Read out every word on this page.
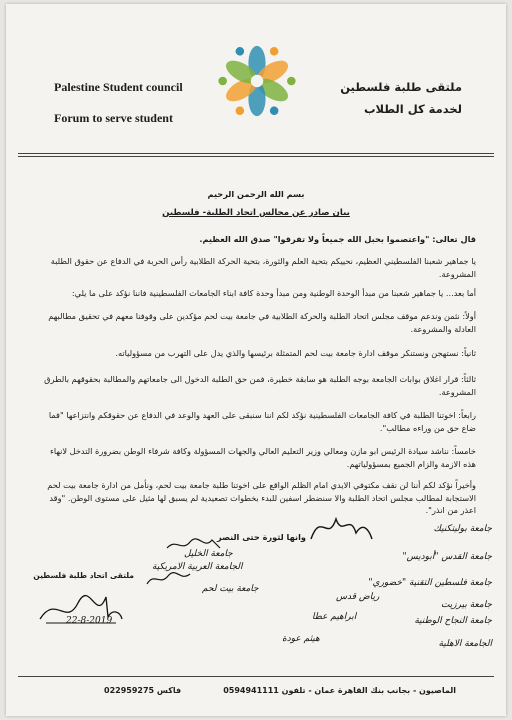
Palestine Student council
Forum to serve student
ملتقى طلبة فلسطين
لخدمة كل الطلاب
بسم الله الرحمن الرحيم
بيان صادر عن مجالس اتحاد الطلبة- فلسطين
قال تعالى: "واعتصموا بحبل الله جميعاً ولا تفرقوا" صدق الله العظيم.
يا جماهير شعبنا الفلسطيني العظيم، نحييكم بتحية العلم والثورة، بتحية الحركة الطلابية رأس الحربة في الدفاع عن حقوق الطلبة المشروعة.
أما بعد... يا جماهير شعبنا من مبدأ الوحدة الوطنية ومن مبدأ وحدة كافة ابناء الجامعات الفلسطينية فاننا نؤكد على ما يلي:
أولاً: نثمن وندعم موقف مجلس اتحاد الطلبة والحركة الطلابية في جامعة بيت لحم مؤكدين على وقوفنا معهم في تحقيق مطالبهم العادلة والمشروعة.
ثانياً: نستهجن ونستنكر موقف ادارة جامعة بيت لحم المتمثلة برئيسها والذي يدل على التهرب من مسؤولياته.
ثالثاً: قرار اغلاق بوابات الجامعة بوجه الطلبة هو سابقة خطيرة، فمن حق الطلبة الدخول الى جامعاتهم والمطالبة بحقوقهم بالطرق المشروعة.
رابعاً: اخوتنا الطلبة في كافة الجامعات الفلسطينية نؤكد لكم اننا سنبقى على العهد والوعد في الدفاع عن حقوقكم وانتزاعها "فما ضاع حق من وراءه مطالب".
خامساً: نناشد سيادة الرئيس ابو مازن ومعالي وزير التعليم العالي والجهات المسؤولة وكافة شرفاء الوطن بضرورة التدخل لانهاء هذه الازمة والزام الجميع بمسؤولياتهم.
وأخيراً نؤكد لكم أننا لن نقف مكتوفي الايدي امام الظلم الواقع على اخوتنا طلبة جامعة بيت لحم، ونأمل من ادارة جامعة بيت لحم الاستجابة لمطالب مجلس اتحاد الطلبة والا سنضطر اسفين للبدء بخطوات تصعيدية لم يسبق لها مثيل على مستوى الوطن. "وقد اعذر من انذر".
وانها لثورة حتى النصر
ملتقى اتحاد طلبة فلسطين
22-8-2019
جامعة بوليتكنيك
جامعة القدس "أبوديس"
جامعة الخليل
جامعة فلسطين التقنية "خضوري"
الجامعة العربية الامريكية
جامعة بيرزيت
جامعة بيت لحم
جامعة النجاح الوطنية
الجامعة الاهلية
رياض قدس
ابراهيم عطا
هيثم عودة
فاكس 022959275	الماصيون - بجانب بنك القاهرة عمان - تلفون 0594941111
